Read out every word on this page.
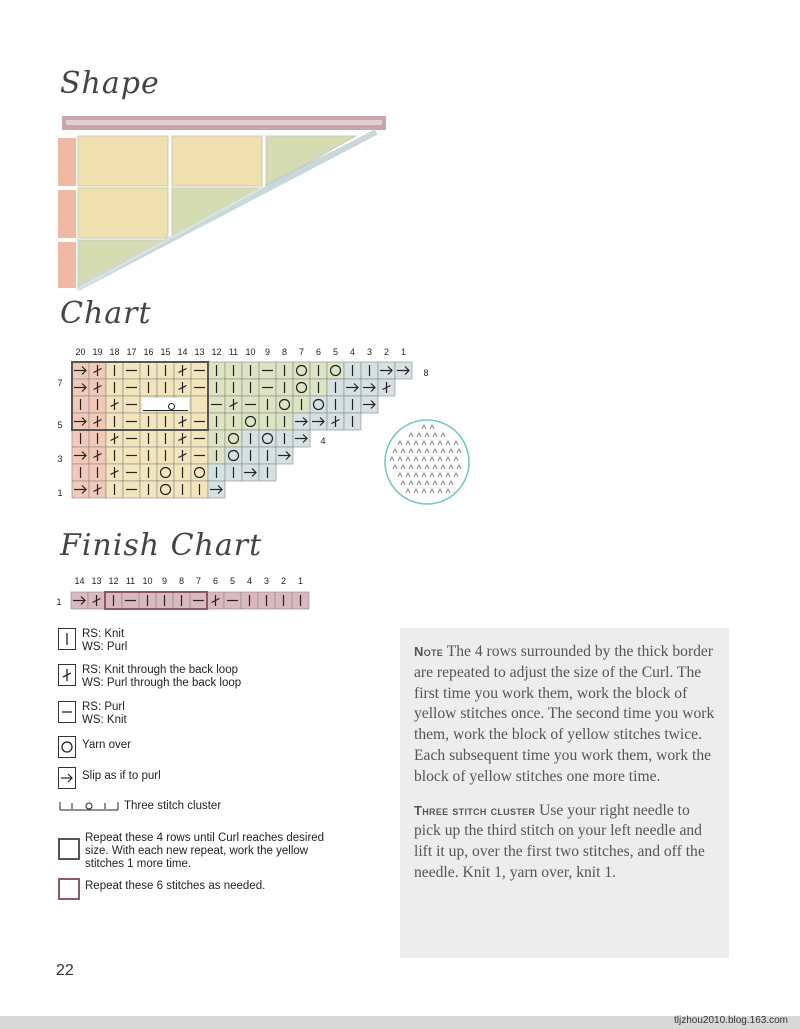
Shape
Chart
20 19 18 17 16 15 14 13 12 11 10 9 8 7 6 5 4 3 2 1
7
5
3
1
8
4
Finish Chart
14 13 12 11 10 9 8 7 6 5 4 3 2 1
1
RS: Knit
WS: Purl
RS: Knit through the back loop
WS: Purl through the back loop
RS: Purl
WS: Knit
Yarn over
Slip as if to purl
Three stitch cluster
Repeat these 4 rows until Curl reaches desired size. With each new repeat, work the yellow stitches 1 more time.
Repeat these 6 stitches as needed.

Note The 4 rows surrounded by the thick border are repeated to adjust the size of the Curl. The first time you work them, work the block of yellow stitches once. The second time you work them, work the block of yellow stitches twice. Each subsequent time you work them, work the block of yellow stitches one more time.

Three stitch cluster Use your right needle to pick up the third stitch on your left needle and lift it up, over the first two stitches, and off the needle. Knit 1, yarn over, knit 1.

22
tljzhou2010.blog.163.com
